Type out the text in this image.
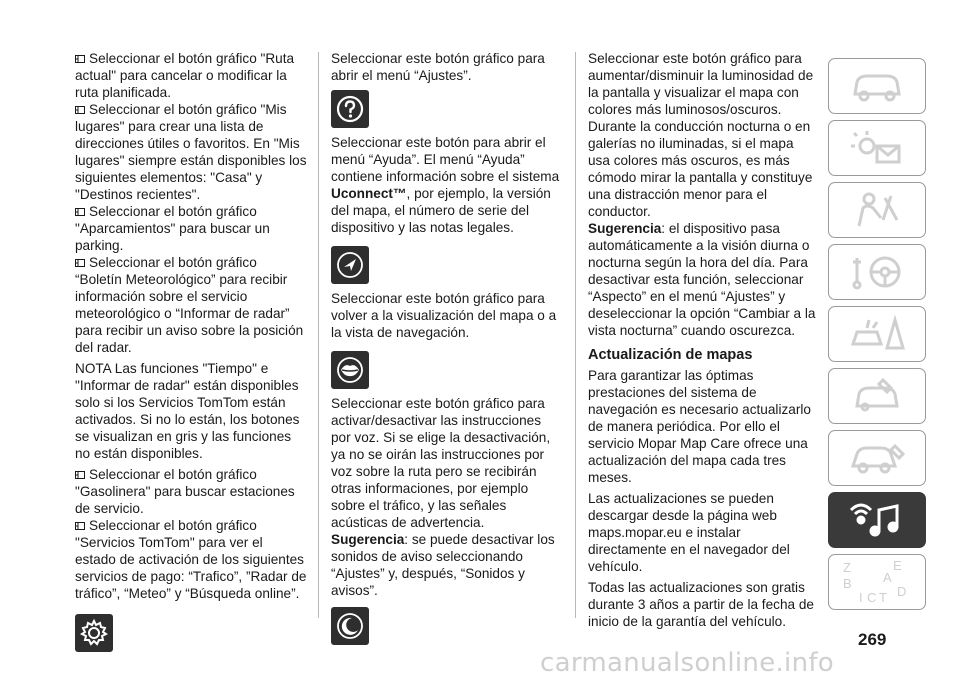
Seleccionar el botón gráfico "Ruta actual" para cancelar o modificar la ruta planificada.

Seleccionar el botón gráfico "Mis lugares" para crear una lista de direcciones útiles o favoritos. En "Mis lugares" siempre están disponibles los siguientes elementos: "Casa" y "Destinos recientes".

Seleccionar el botón gráfico "Aparcamientos" para buscar un parking.

Seleccionar el botón gráfico “Boletín Meteorológico” para recibir información sobre el servicio meteorológico o “Informar de radar” para recibir un aviso sobre la posición del radar.

NOTA Las funciones "Tiempo" e "Informar de radar" están disponibles solo si los Servicios TomTom están activados. Si no lo están, los botones se visualizan en gris y las funciones no están disponibles.

Seleccionar el botón gráfico "Gasolinera" para buscar estaciones de servicio.

Seleccionar el botón gráfico "Servicios TomTom" para ver el estado de activación de los siguientes servicios de pago: “Trafico”, ”Radar de tráfico”, “Meteo” y “Búsqueda online”.

Seleccionar este botón gráfico para abrir el menú “Ajustes”.

Seleccionar este botón para abrir el menú “Ayuda”. El menú “Ayuda” contiene información sobre el sistema Uconnect™, por ejemplo, la versión del mapa, el número de serie del dispositivo y las notas legales.

Seleccionar este botón gráfico para volver a la visualización del mapa o a la vista de navegación.

Seleccionar este botón gráfico para activar/desactivar las instrucciones por voz. Si se elige la desactivación, ya no se oirán las instrucciones por voz sobre la ruta pero se recibirán otras informaciones, por ejemplo sobre el tráfico, y las señales acústicas de advertencia. Sugerencia: se puede desactivar los sonidos de aviso seleccionando “Ajustes” y, después, “Sonidos y avisos”.

Seleccionar este botón gráfico para aumentar/disminuir la luminosidad de la pantalla y visualizar el mapa con colores más luminosos/oscuros. Durante la conducción nocturna o en galerías no iluminadas, si el mapa usa colores más oscuros, es más cómodo mirar la pantalla y constituye una distracción menor para el conductor.

Sugerencia: el dispositivo pasa automáticamente a la visión diurna o nocturna según la hora del día. Para desactivar esta función, seleccionar “Aspecto” en el menú “Ajustes” y deseleccionar la opción “Cambiar a la vista nocturna” cuando oscurezca.

Actualización de mapas

Para garantizar las óptimas prestaciones del sistema de navegación es necesario actualizarlo de manera periódica. Por ello el servicio Mopar Map Care ofrece una actualización del mapa cada tres meses.

Las actualizaciones se pueden descargar desde la página web maps.mopar.eu e instalar directamente en el navegador del vehículo.

Todas las actualizaciones son gratis durante 3 años a partir de la fecha de inicio de la garantía del vehículo.

Z	E
A
B
C D
T
I
269
carmanualsonline.info
